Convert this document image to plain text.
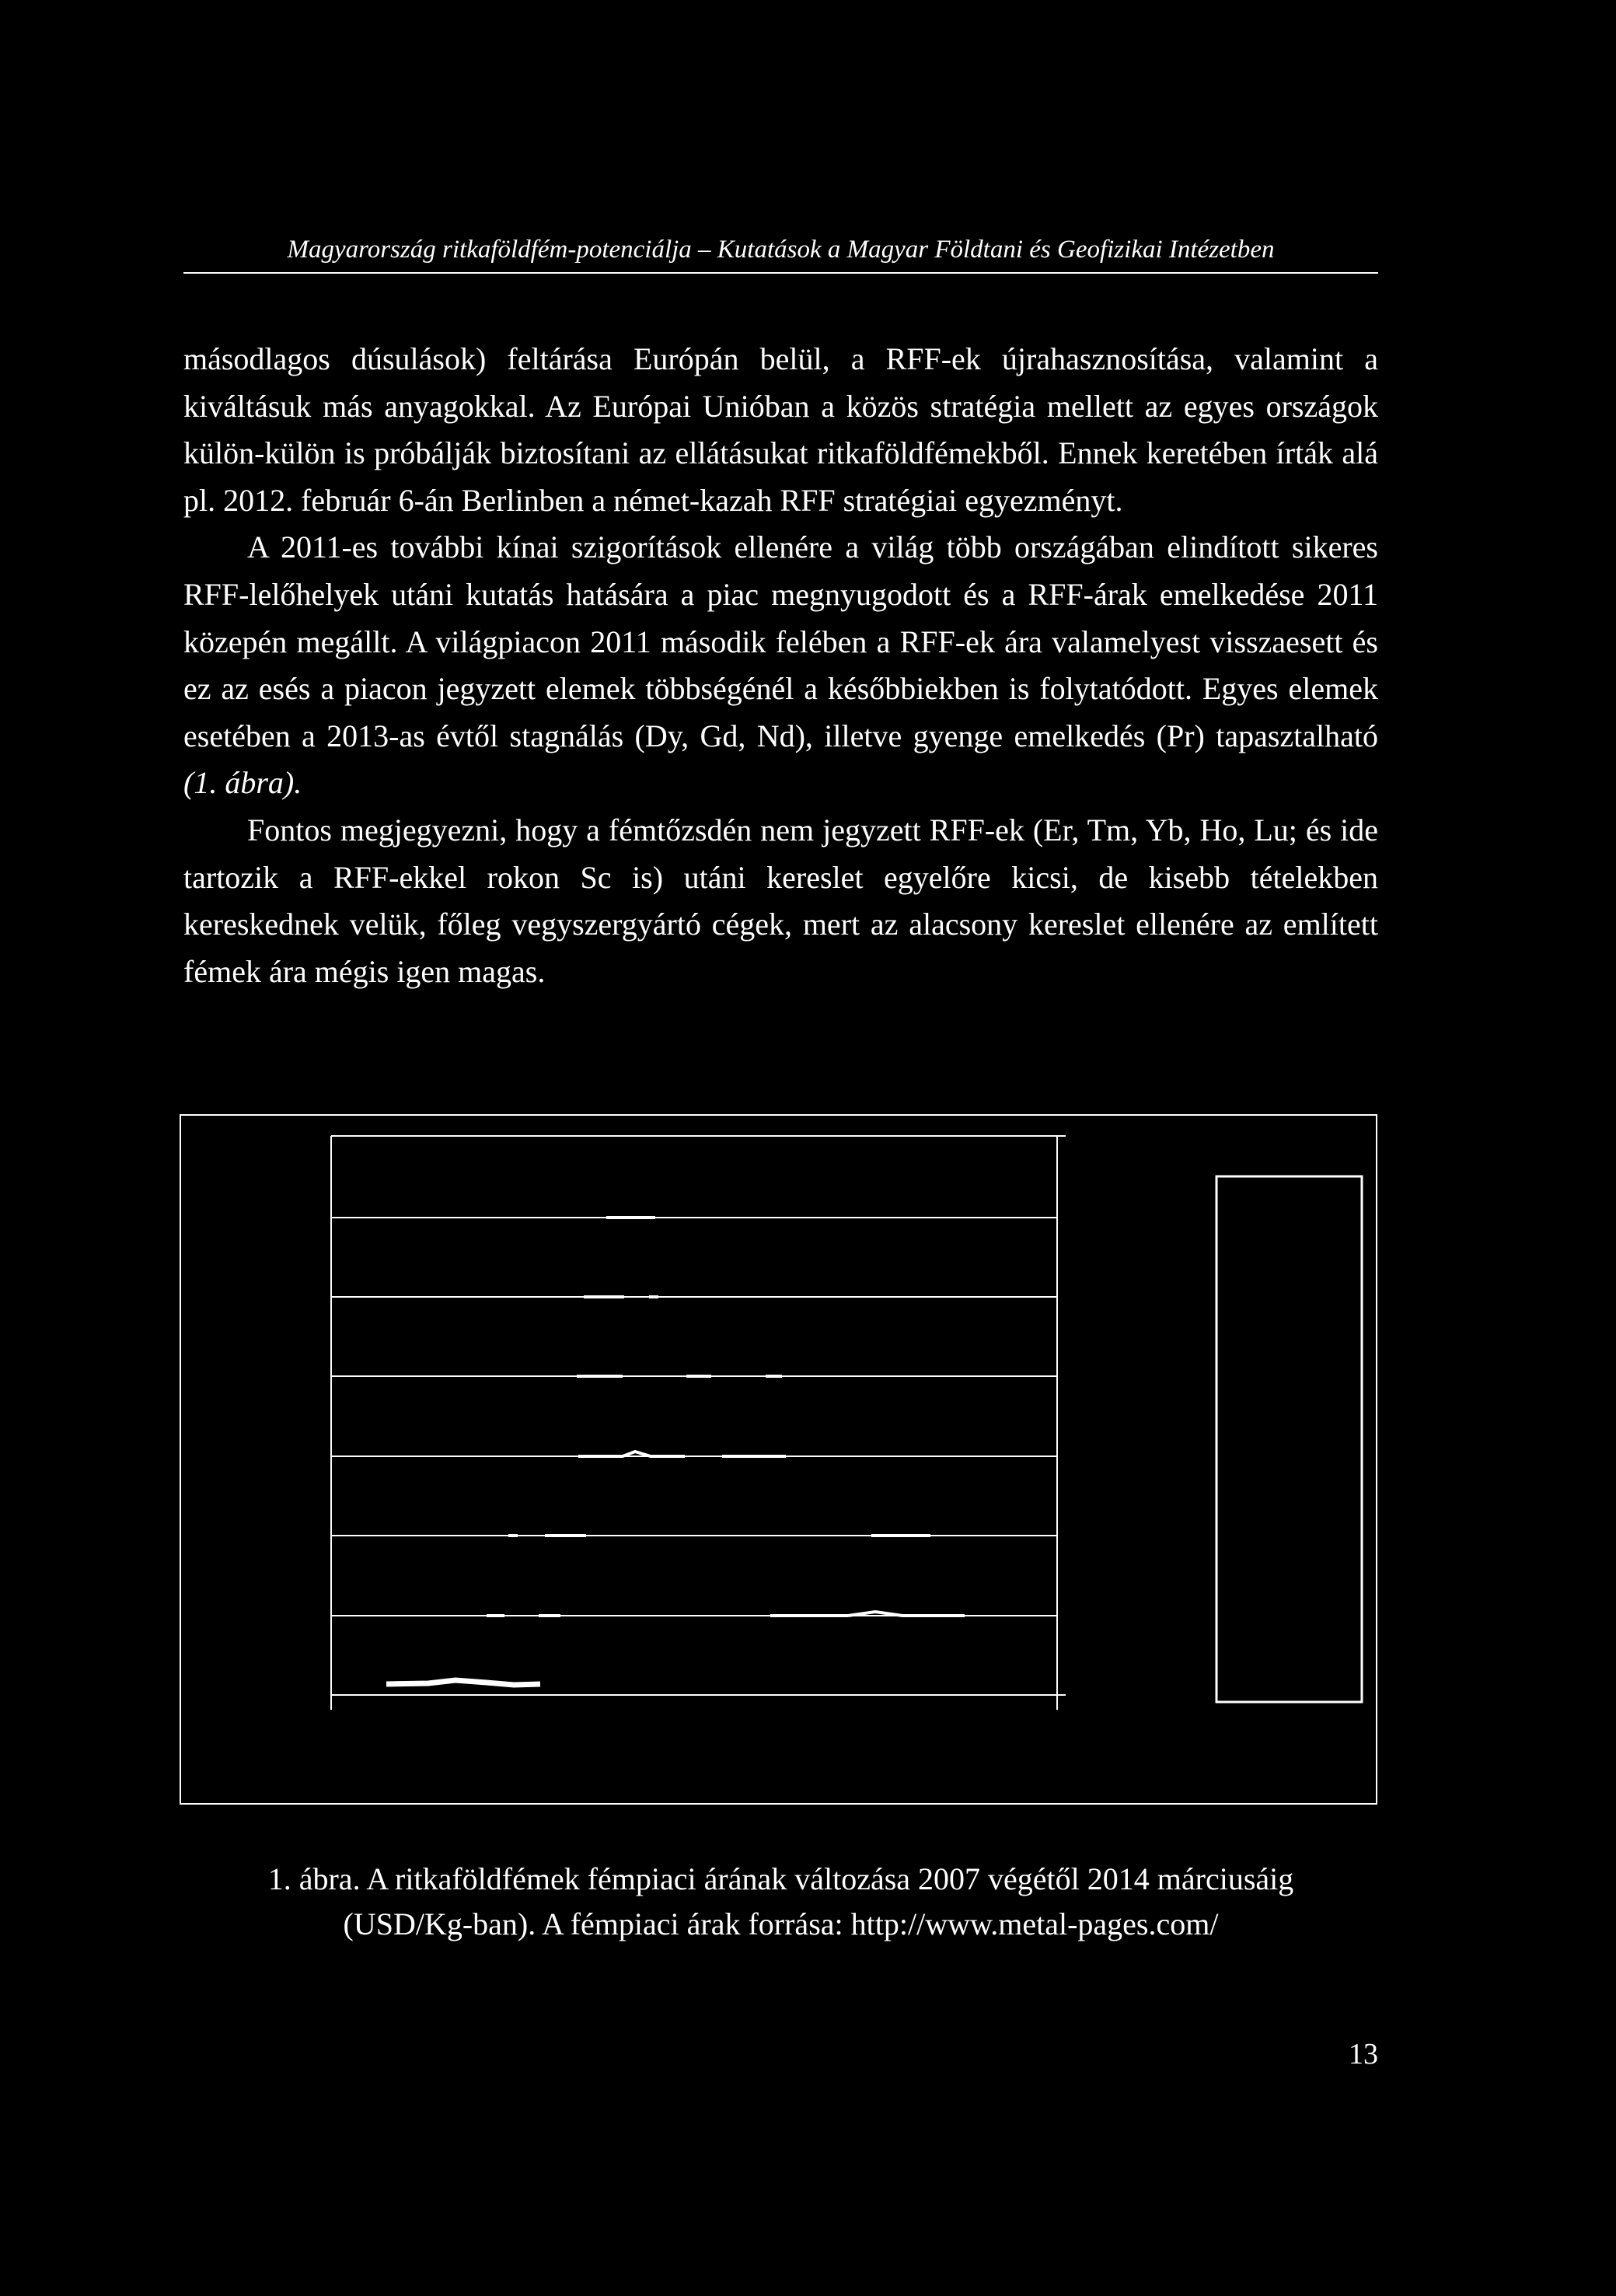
Magyarország ritkaföldfém-potenciálja – Kutatások a Magyar Földtani és Geofizikai Intézetben

másodlagos dúsulások) feltárása Európán belül, a RFF-ek újrahasznosítása, valamint a kiváltásuk más anyagokkal. Az Európai Unióban a közös stratégia mellett az egyes országok külön-külön is próbálják biztosítani az ellátásukat ritkaföldfémekből. Ennek keretében írták alá pl. 2012. február 6-án Berlinben a német-kazah RFF stratégiai egyezményt.

A 2011-es további kínai szigorítások ellenére a világ több országában elindított sikeres RFF-lelőhelyek utáni kutatás hatására a piac megnyugodott és a RFF-árak emelkedése 2011 közepén megállt. A világpiacon 2011 második felében a RFF-ek ára valamelyest visszaesett és ez az esés a piacon jegyzett elemek többségénél a későbbiekben is folytatódott. Egyes elemek esetében a 2013-as évtől stagnálás (Dy, Gd, Nd), illetve gyenge emelkedés (Pr) tapasztalható (1. ábra).

Fontos megjegyezni, hogy a fémtőzsdén nem jegyzett RFF-ek (Er, Tm, Yb, Ho, Lu; és ide tartozik a RFF-ekkel rokon Sc is) utáni kereslet egyelőre kicsi, de kisebb tételekben kereskednek velük, főleg vegyszergyártó cégek, mert az alacsony kereslet ellenére az említett fémek ára mégis igen magas.

1. ábra. A ritkaföldfémek fémpiaci árának változása 2007 végétől 2014 márciusáig
(USD/Kg-ban). A fémpiaci árak forrása: http://www.metal-pages.com/
13
